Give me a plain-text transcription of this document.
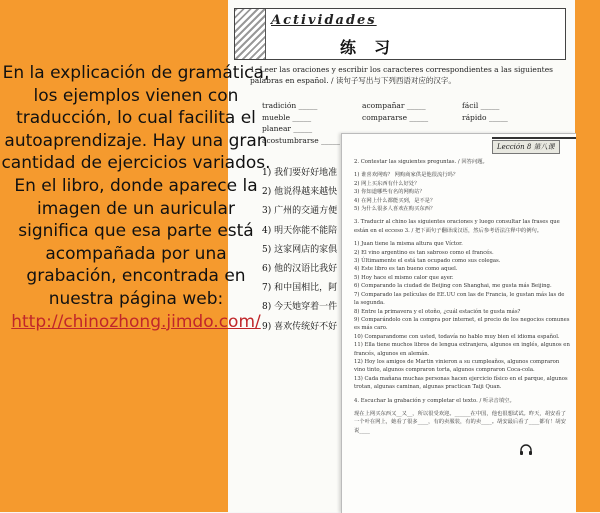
Actividades
练习
1. Leer las oraciones y escribir los caracteres correspondientes a las siguientes palabras en español. / 读句子写出与下列西语对应的汉字。
tradición _____	acompañar _____	fácil _____
mueble _____	compararse _____	rápido _____
planear _____
acostumbrarse _____
1) 我们要好好地准
2) 他说得越来越快
3) 广州的交通方便
4) 明天你能不能陪
5) 这家网店的家俱
6) 他的汉语比我好
7) 和中国相比，阿
8) 今天她穿着一件
9) 喜欢传统好不好
Lección 8 第八课

2. Contestar las siguientes preguntas. / 回答问题。

1) 谁喜欢网购？ 网购商家供是他很流行吗？

2) 网上买东西有什么好处？

3) 你知道哪些有名的网购站？

4) 在网上什么都能买到，是不是？

5) 为什么很多人喜欢在购买东西？

3. Traducir al chino las siguientes oraciones y luego consultar las frases que están en el ecceso 3. / 把下面句子翻译成汉语，然后参考语法注释中的例句。

1) Juan tiene la misma altura que Víctor.

2) El vino argentino es tan sabroso como el francés.

3) Últimamente el está tan ocupado como sus colegas.

4) Este libro es tan bueno como aquel.

5) Hoy hace el mismo calor que ayer.

6) Comparando la ciudad de Beijing con Shanghai, me gusta más Beijing.

7) Comparado las películas de EE.UU con las de Francia, le gustan más las de la segunda.

8) Entre la primavera y el otoño, ¿cuál estación te gusta más?

9) Comparándolo con la compra por internet, el precio de los negocios comunes es más caro.

10) Comparandome con usted, todavía no hablo muy bien el idioma español.

11) Ella tiene muchos libros de lengua extranjera, algunos en inglés, algunos en francés, algunos en alemán.

12) Hoy los amigos de Martin vinieron a su cumpleaños, algunos compraron vino tinto, algunos compraron torta, algunos compraron Coca-cola.

13) Cada mañana muchas personas hacen ejercicio físico en el parque, algunos trotan, algunas caminan, algunas practican Taiji Quan.

4. Escuchar la grabación y completar el texto. / 听录音填空。

现在上网买东西又__又__，所以很受欢迎。______在中国，他也很想试试。昨天，胡安看了一个叶在网上，她看了很多____，有的卖服装，有的卖____。胡安最后看了____都有！胡安说____

En la explicación de gramática, los ejemplos vienen con traducción, lo cual facilita el autoaprendizaje. Hay una gran cantidad de ejercicios variados. En el libro, donde aparece la imagen de un auricular significa que esa parte está acompañada por una grabación, encontrada en nuestra página web:
http://chinozhong.jimdo.com/
